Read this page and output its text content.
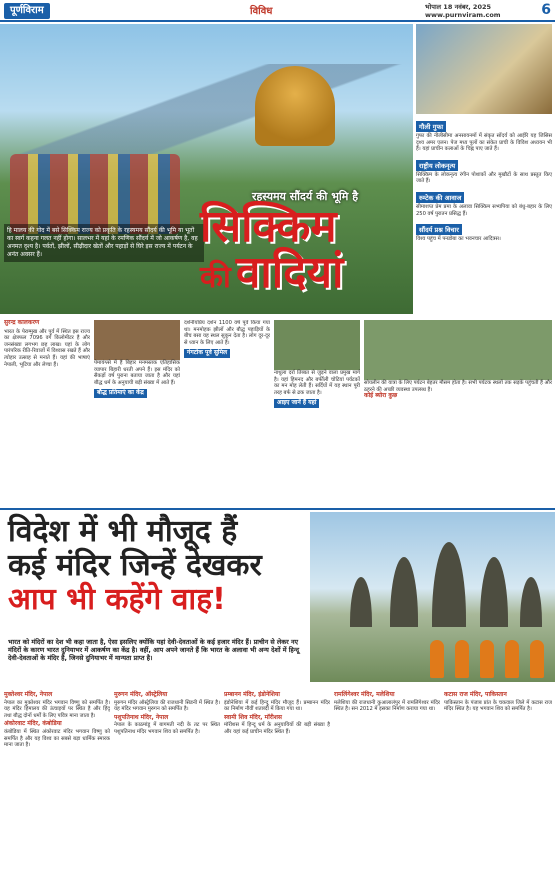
पूर्णविराम	विविध	भोपाल 18 नवंबर, 2025
www.purnviram.com	6
हि मालय की गोद में बसे सिक्किम राज्य को प्रकृति के रहस्यमय सौंदर्य की भूमि या भूतों का स्वर्ग कहना गलत नहीं होगा। सालभर में यहां के रमणिक सौंदर्य में जो आकर्षण है, वह अनमत दृश्य है। पर्वतों, झीलों, सीढ़ीदार खेतों और पहाड़ों से घिरे इस राज्य में पर्यटन के अनंत अवसर हैं।
रहस्यमय सौंदर्य की भूमि है
सिक्किम
की वादियां
गौली गुफा

गुफा की नीलीसीमा अनसायनमों में संकृत सोंदर्य को आईरि यह जिसिस दृश्य अमर एलन। पेज मध्य पुलों का संकेत प्राची के विविश अध्ययन भी है। यहां प्राचीन कलाओं के चिह्न पाए जाते हैं।

राष्ट्रीय लोकनृत्य

सिक्किम के लोकनृत्य रंगीन पोशाकों और मुखौटों के साथ प्रस्तुत किए जाते हैं।

रुम्टेक की आवाज

सीमाशप्त प्रेम प्रमा के अलावा सिक्किम सभ्यपिया को बंधु-बहार के लिए 250 वर्ष पुरातन प्रसिद्ध हैं।

सौंदर्य प्रश्न विचार

विश्व पहुंच में पनडोबा का भवनचार आदित्रस।

सुरेन्द्र कालकरण

भारत के पेराम्मुख और पूर्व में स्थित इस राज्य का क्षेत्रफल 7096 वर्ग किलोमीटर है और जनसंख्या लगभग छह लाख। यहां के लोग पारंपरिक रीति-रिवाजों में विश्वास रखते हैं और त्योहार उत्साह से मनाते हैं। यहां की भाषाएं नेपाली, भूटिया और लेप्चा हैं।	पेमायंग्त्से में हैं बिहार मनमस्तक एतिहासिक व्यापार बिहारी धरती अपने हैं। इस मंदिर को सैकड़ों वर्ष पुराना बताया जाता है और यहां बौद्ध धर्म के अनुयायी बड़ी संख्या में आते हैं।

बौद्ध प्रतिमाएं का केंद्र

दर्शनीयप्रिय दर्शन 1100 वर्ष पूर्व किया गया था। मनमोहक झीलों और बौद्ध पहाड़ियों के बीच बसा यह स्थल सुकून देता है। लोग दूर-दूर से ध्यान के लिए आते हैं।

गंगटोक पूर्व सुमिल

नाथुला दर्रा तिब्बत से जुड़ने वाला प्रमुख मार्ग है। यहां हिमनद और बर्फीली चोटियां पर्यटकों का मन मोह लेती हैं। सर्दियों में यह स्थान पूरी तरह बर्फ से ढक जाता है।

आइए जानें हैं यहां

सोयलीन की यात्रा के लिए पर्यटन बेहतर मौसम होता है। सभी पर्यटक स्थलों तक सड़कें पहुंचती हैं और ठहरने की अच्छी व्यवस्था उपलब्ध है।

कोई ब्योरा कुछ
विदेश में भी मौजूद हैं
कई मंदिर जिन्हें देखकर
आप भी कहेंगे वाह!
भारत को मंदिरों का देश भी कहा जाता है, ऐसा इसलिए क्योंकि यहां देवी-देवताओं के कई हजार मंदिर हैं। प्राचीन से लेकर नए मंदिरों के कारण भारत दुनियाभर में आकर्षण का केंद्र है। वहीं, आप अपने जानते हैं कि भारत के अलावा भी अन्य देशों में हिन्दू देवी-देवताओं के मंदिर हैं, जिनसे दुनियाभर में मान्यता प्राप्त है।
मुक्तेश्वर मंदिर, नेपाल

नेपाल का मुक्तेश्वर मंदिर भगवान विष्णु को समर्पित है। यह मंदिर हिमालय की ऊंचाइयों पर स्थित है और हिंदू तथा बौद्ध दोनों धर्मों के लिए पवित्र माना जाता है।

अंकोरवाट मंदिर, कंबोडिया

कंबोडिया में स्थित अंकोरवाट मंदिर भगवान विष्णु को समर्पित है और यह विश्व का सबसे बड़ा धार्मिक स्मारक माना जाता है।

मुरुगन मंदिर, ऑस्ट्रेलिया

मुरुगन मंदिर ऑस्ट्रेलिया की राजधानी सिडनी में स्थित है। यह मंदिर भगवान मुरुगन को समर्पित है।

पशुपतिनाथ मंदिर, नेपाल

नेपाल के काठमांडू में बागमती नदी के तट पर स्थित पशुपतिनाथ मंदिर भगवान शिव को समर्पित है।

प्रम्बानन मंदिर, इंडोनेशिया

इंडोनेशिया में कई हिन्दू मंदिर मौजूद हैं। प्रम्बानन मंदिर का निर्माण नौवीं शताब्दी में किया गया था।

स्वामी शिव मंदिर, मॉरीशस

मॉरीशस में हिन्दू धर्म के अनुयायियों की बड़ी संख्या है और यहां कई प्राचीन मंदिर स्थित हैं।

रामलिंगेश्वर मंदिर, मलेशिया

मलेशिया की राजधानी कुआलालंपुर में रामलिंगेश्वर मंदिर स्थित है। सन 2012 में इसका निर्माण कराया गया था।

कटास राज मंदिर, पाकिस्तान

पाकिस्तान के पंजाब प्रांत के चकवाल जिले में कटास राज मंदिर स्थित है। यह भगवान शिव को समर्पित है।
